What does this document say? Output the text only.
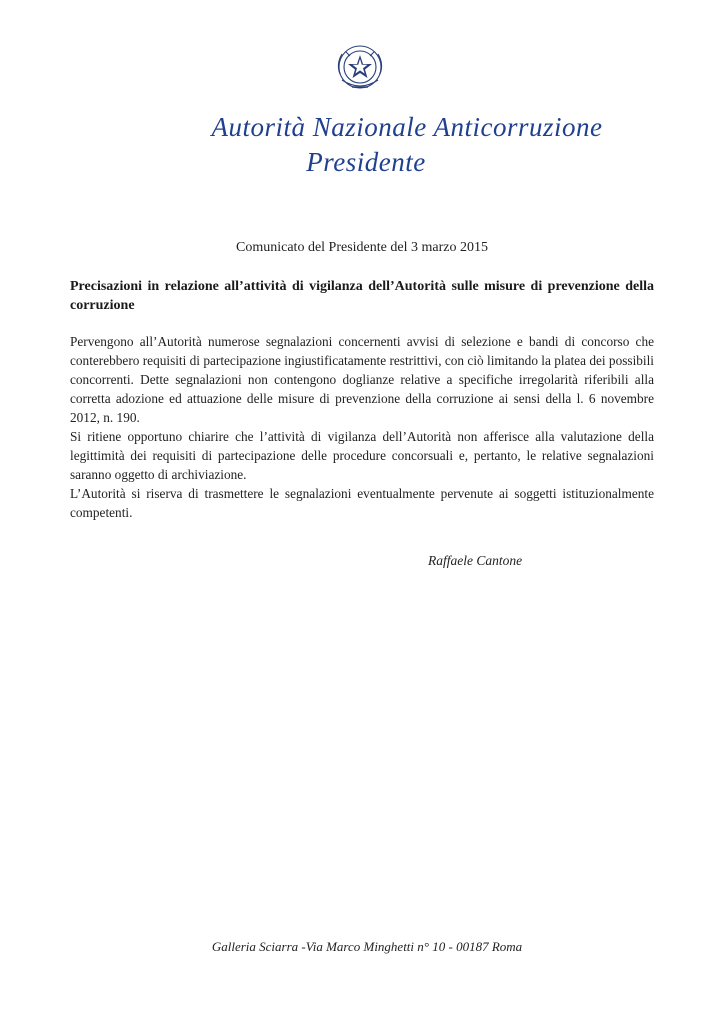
Autorità Nazionale Anticorruzione
Presidente
Comunicato del Presidente del 3 marzo 2015
Precisazioni in relazione all’attività di vigilanza dell’Autorità sulle misure di prevenzione della corruzione

Pervengono all’Autorità numerose segnalazioni concernenti avvisi di selezione e bandi di concorso che conterebbero requisiti di partecipazione ingiustificatamente restrittivi, con ciò limitando la platea dei possibili concorrenti. Dette segnalazioni non contengono doglianze relative a specifiche irregolarità riferibili alla corretta adozione ed attuazione delle misure di prevenzione della corruzione ai sensi della l. 6 novembre 2012, n. 190.

Si ritiene opportuno chiarire che l’attività di vigilanza dell’Autorità non afferisce alla valutazione della legittimità dei requisiti di partecipazione delle procedure concorsuali e, pertanto, le relative segnalazioni saranno oggetto di archiviazione.

L’Autorità si riserva di trasmettere le segnalazioni eventualmente pervenute ai soggetti istituzionalmente competenti.

Raffaele Cantone
Galleria Sciarra -Via Marco Minghetti n° 10 - 00187 Roma
